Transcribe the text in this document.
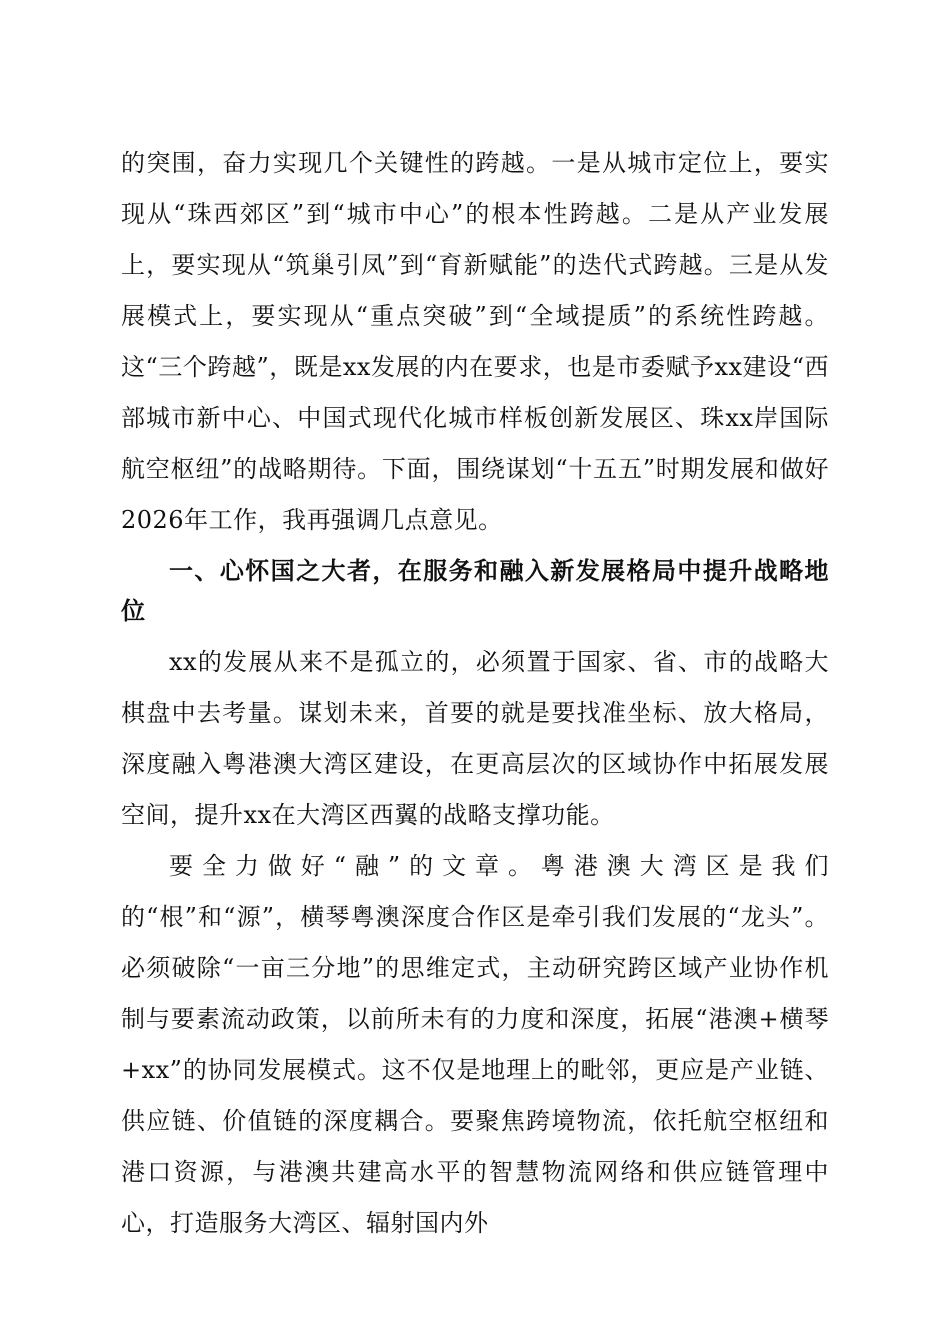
的突围，奋力实现几个关键性的跨越。一是从城市定位上，要实现从“珠西郊区”到“城市中心”的根本性跨越。二是从产业发展上，要实现从“筑巢引凤”到“育新赋能”的迭代式跨越。三是从发展模式上，要实现从“重点突破”到“全域提质”的系统性跨越。这“三个跨越”，既是xx发展的内在要求，也是市委赋予xx建设“西部城市新中心、中国式现代化城市样板创新发展区、珠xx岸国际航空枢纽”的战略期待。下面，围绕谋划“十五五”时期发展和做好2026年工作，我再强调几点意见。

一、心怀国之大者，在服务和融入新发展格局中提升战略地位

xx的发展从来不是孤立的，必须置于国家、省、市的战略大棋盘中去考量。谋划未来，首要的就是要找准坐标、放大格局，深度融入粤港澳大湾区建设，在更高层次的区域协作中拓展发展空间，提升xx在大湾区西翼的战略支撑功能。

要全力做好“融”的文章。粤港澳大湾区是我们的“根”和“源”，横琴粤澳深度合作区是牵引我们发展的“龙头”。必须破除“一亩三分地”的思维定式，主动研究跨区域产业协作机制与要素流动政策，以前所未有的力度和深度，拓展“港澳+横琴+xx”的协同发展模式。这不仅是地理上的毗邻，更应是产业链、供应链、价值链的深度耦合。要聚焦跨境物流，依托航空枢纽和港口资源，与港澳共建高水平的智慧物流网络和供应链管理中心，打造服务大湾区、辐射国内外
